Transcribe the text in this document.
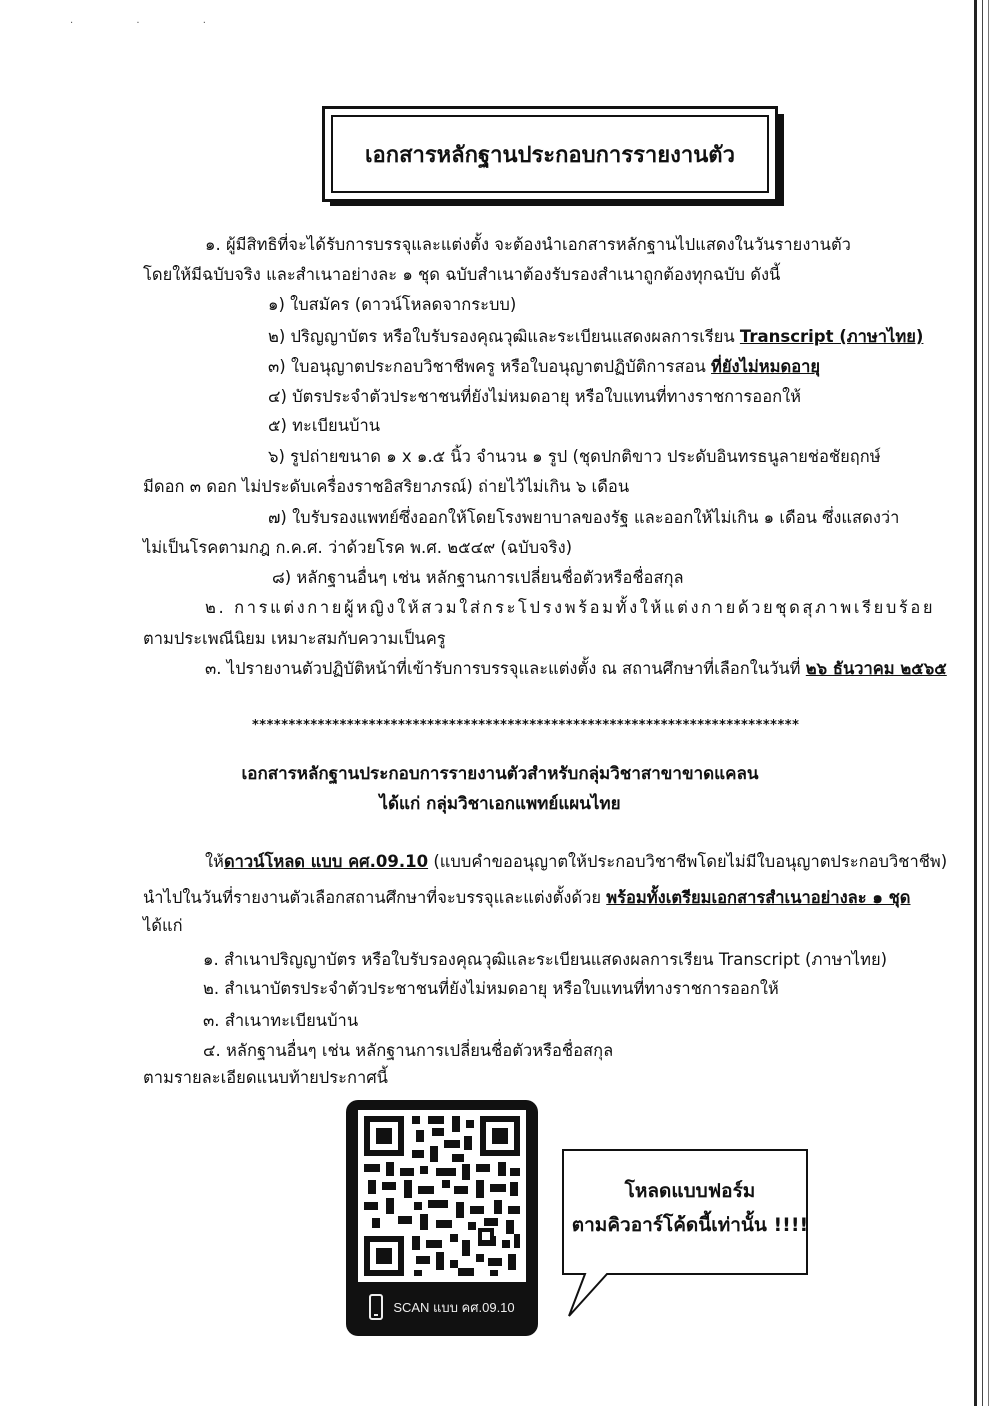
· · ·
เอกสารหลักฐานประกอบการรายงานตัว
๑. ผู้มีสิทธิที่จะได้รับการบรรจุและแต่งตั้ง จะต้องนำเอกสารหลักฐานไปแสดงในวันรายงานตัว
โดยให้มีฉบับจริง และสำเนาอย่างละ ๑ ชุด ฉบับสำเนาต้องรับรองสำเนาถูกต้องทุกฉบับ ดังนี้
๑) ใบสมัคร (ดาวน์โหลดจากระบบ)
๒) ปริญญาบัตร หรือใบรับรองคุณวุฒิและระเบียนแสดงผลการเรียน Transcript (ภาษาไทย)
๓) ใบอนุญาตประกอบวิชาชีพครู หรือใบอนุญาตปฏิบัติการสอน ที่ยังไม่หมดอายุ
๔) บัตรประจำตัวประชาชนที่ยังไม่หมดอายุ หรือใบแทนที่ทางราชการออกให้
๕) ทะเบียนบ้าน
๖) รูปถ่ายขนาด ๑ x ๑.๕ นิ้ว จำนวน ๑ รูป (ชุดปกติขาว ประดับอินทรธนูลายช่อชัยฤกษ์
มีดอก ๓ ดอก ไม่ประดับเครื่องราชอิสริยาภรณ์) ถ่ายไว้ไม่เกิน ๖ เดือน
๗) ใบรับรองแพทย์ซึ่งออกให้โดยโรงพยาบาลของรัฐ และออกให้ไม่เกิน ๑ เดือน ซึ่งแสดงว่า
ไม่เป็นโรคตามกฎ ก.ค.ศ. ว่าด้วยโรค พ.ศ. ๒๕๔๙ (ฉบับจริง)
๘) หลักฐานอื่นๆ เช่น หลักฐานการเปลี่ยนชื่อตัวหรือชื่อสกุล
๒. การแต่งกายผู้หญิงให้สวมใส่กระโปรงพร้อมทั้งให้แต่งกายด้วยชุดสุภาพเรียบร้อย
ตามประเพณีนิยม เหมาะสมกับความเป็นครู
๓. ไปรายงานตัวปฏิบัติหน้าที่เข้ารับการบรรจุและแต่งตั้ง ณ สถานศึกษาที่เลือกในวันที่ ๒๖ ธันวาคม ๒๕๖๕
***************************************************************************
เอกสารหลักฐานประกอบการรายงานตัวสำหรับกลุ่มวิชาสาขาขาดแคลน
ได้แก่ กลุ่มวิชาเอกแพทย์แผนไทย
ให้ดาวน์โหลด แบบ คศ.09.10 (แบบคำขออนุญาตให้ประกอบวิชาชีพโดยไม่มีใบอนุญาตประกอบวิชาชีพ)
นำไปในวันที่รายงานตัวเลือกสถานศึกษาที่จะบรรจุและแต่งตั้งด้วย พร้อมทั้งเตรียมเอกสารสำเนาอย่างละ ๑ ชุด
ได้แก่
๑. สำเนาปริญญาบัตร หรือใบรับรองคุณวุฒิและระเบียนแสดงผลการเรียน Transcript (ภาษาไทย)
๒. สำเนาบัตรประจำตัวประชาชนที่ยังไม่หมดอายุ หรือใบแทนที่ทางราชการออกให้
๓. สำเนาทะเบียนบ้าน
๔. หลักฐานอื่นๆ เช่น หลักฐานการเปลี่ยนชื่อตัวหรือชื่อสกุล
ตามรายละเอียดแนบท้ายประกาศนี้
SCAN แบบ คศ.09.10
โหลดแบบฟอร์ม
ตามคิวอาร์โค้ดนี้เท่านั้น !!!!
